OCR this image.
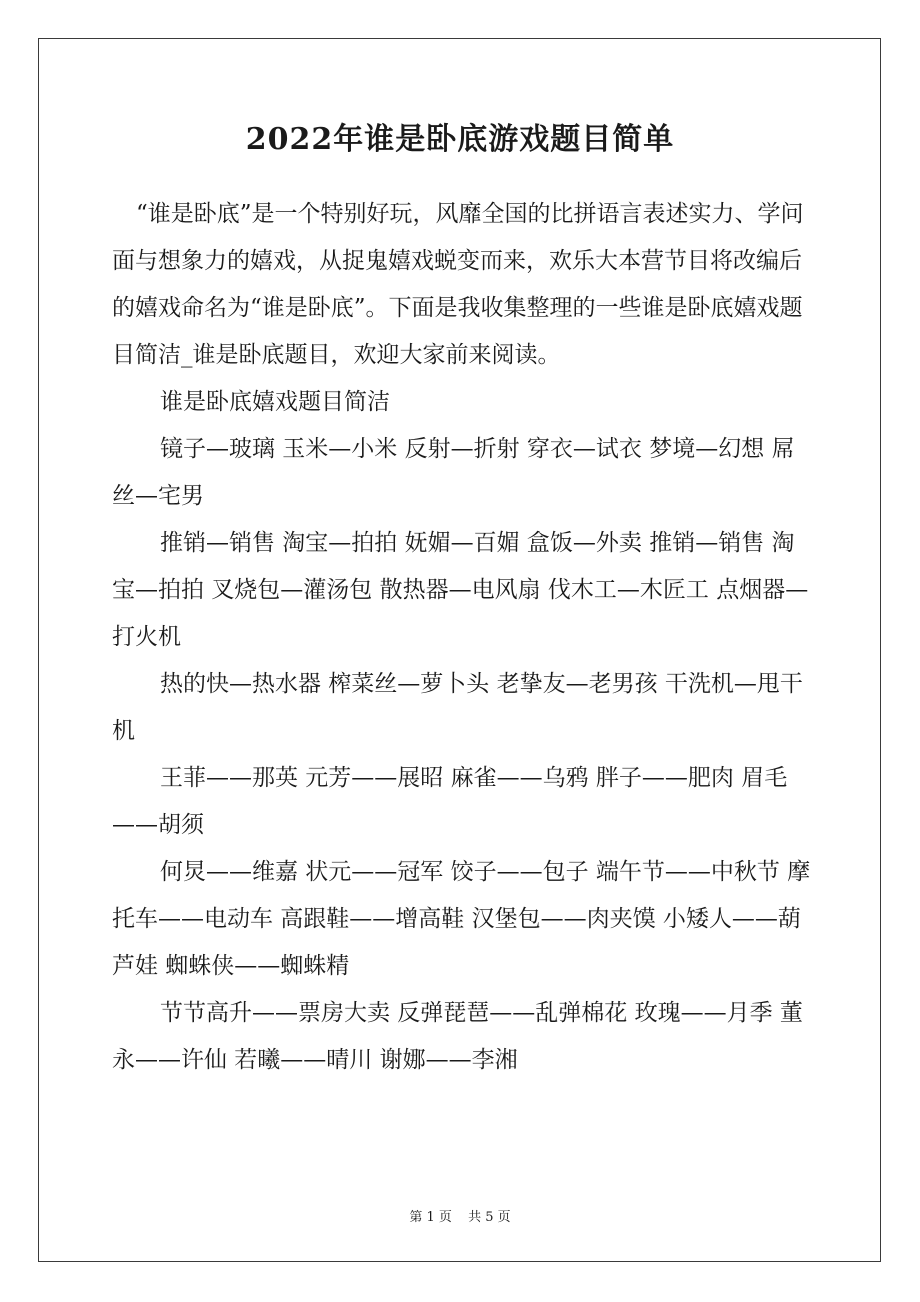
2022年谁是卧底游戏题目简单

“谁是卧底”是一个特别好玩，风靡全国的比拼语言表述实力、学问面与想象力的嬉戏，从捉鬼嬉戏蜕变而来，欢乐大本营节目将改编后的嬉戏命名为“谁是卧底”。下面是我收集整理的一些谁是卧底嬉戏题目简洁_谁是卧底题目，欢迎大家前来阅读。

谁是卧底嬉戏题目简洁

镜子—玻璃 玉米—小米 反射—折射 穿衣—试衣 梦境—幻想 屌丝—宅男

推销—销售 淘宝—拍拍 妩媚—百媚 盒饭—外卖 推销—销售 淘宝—拍拍 叉烧包—灌汤包 散热器—电风扇 伐木工—木匠工 点烟器—打火机

热的快—热水器 榨菜丝—萝卜头 老挚友—老男孩 干洗机—甩干机

王菲——那英 元芳——展昭 麻雀——乌鸦 胖子——肥肉 眉毛——胡须

何炅——维嘉 状元——冠军 饺子——包子 端午节——中秋节 摩托车——电动车 高跟鞋——增高鞋 汉堡包——肉夹馍 小矮人——葫芦娃 蜘蛛侠——蜘蛛精

节节高升——票房大卖 反弹琵琶——乱弹棉花 玫瑰——月季 董永——许仙 若曦——晴川 谢娜——李湘

第 1 页 共 5 页
